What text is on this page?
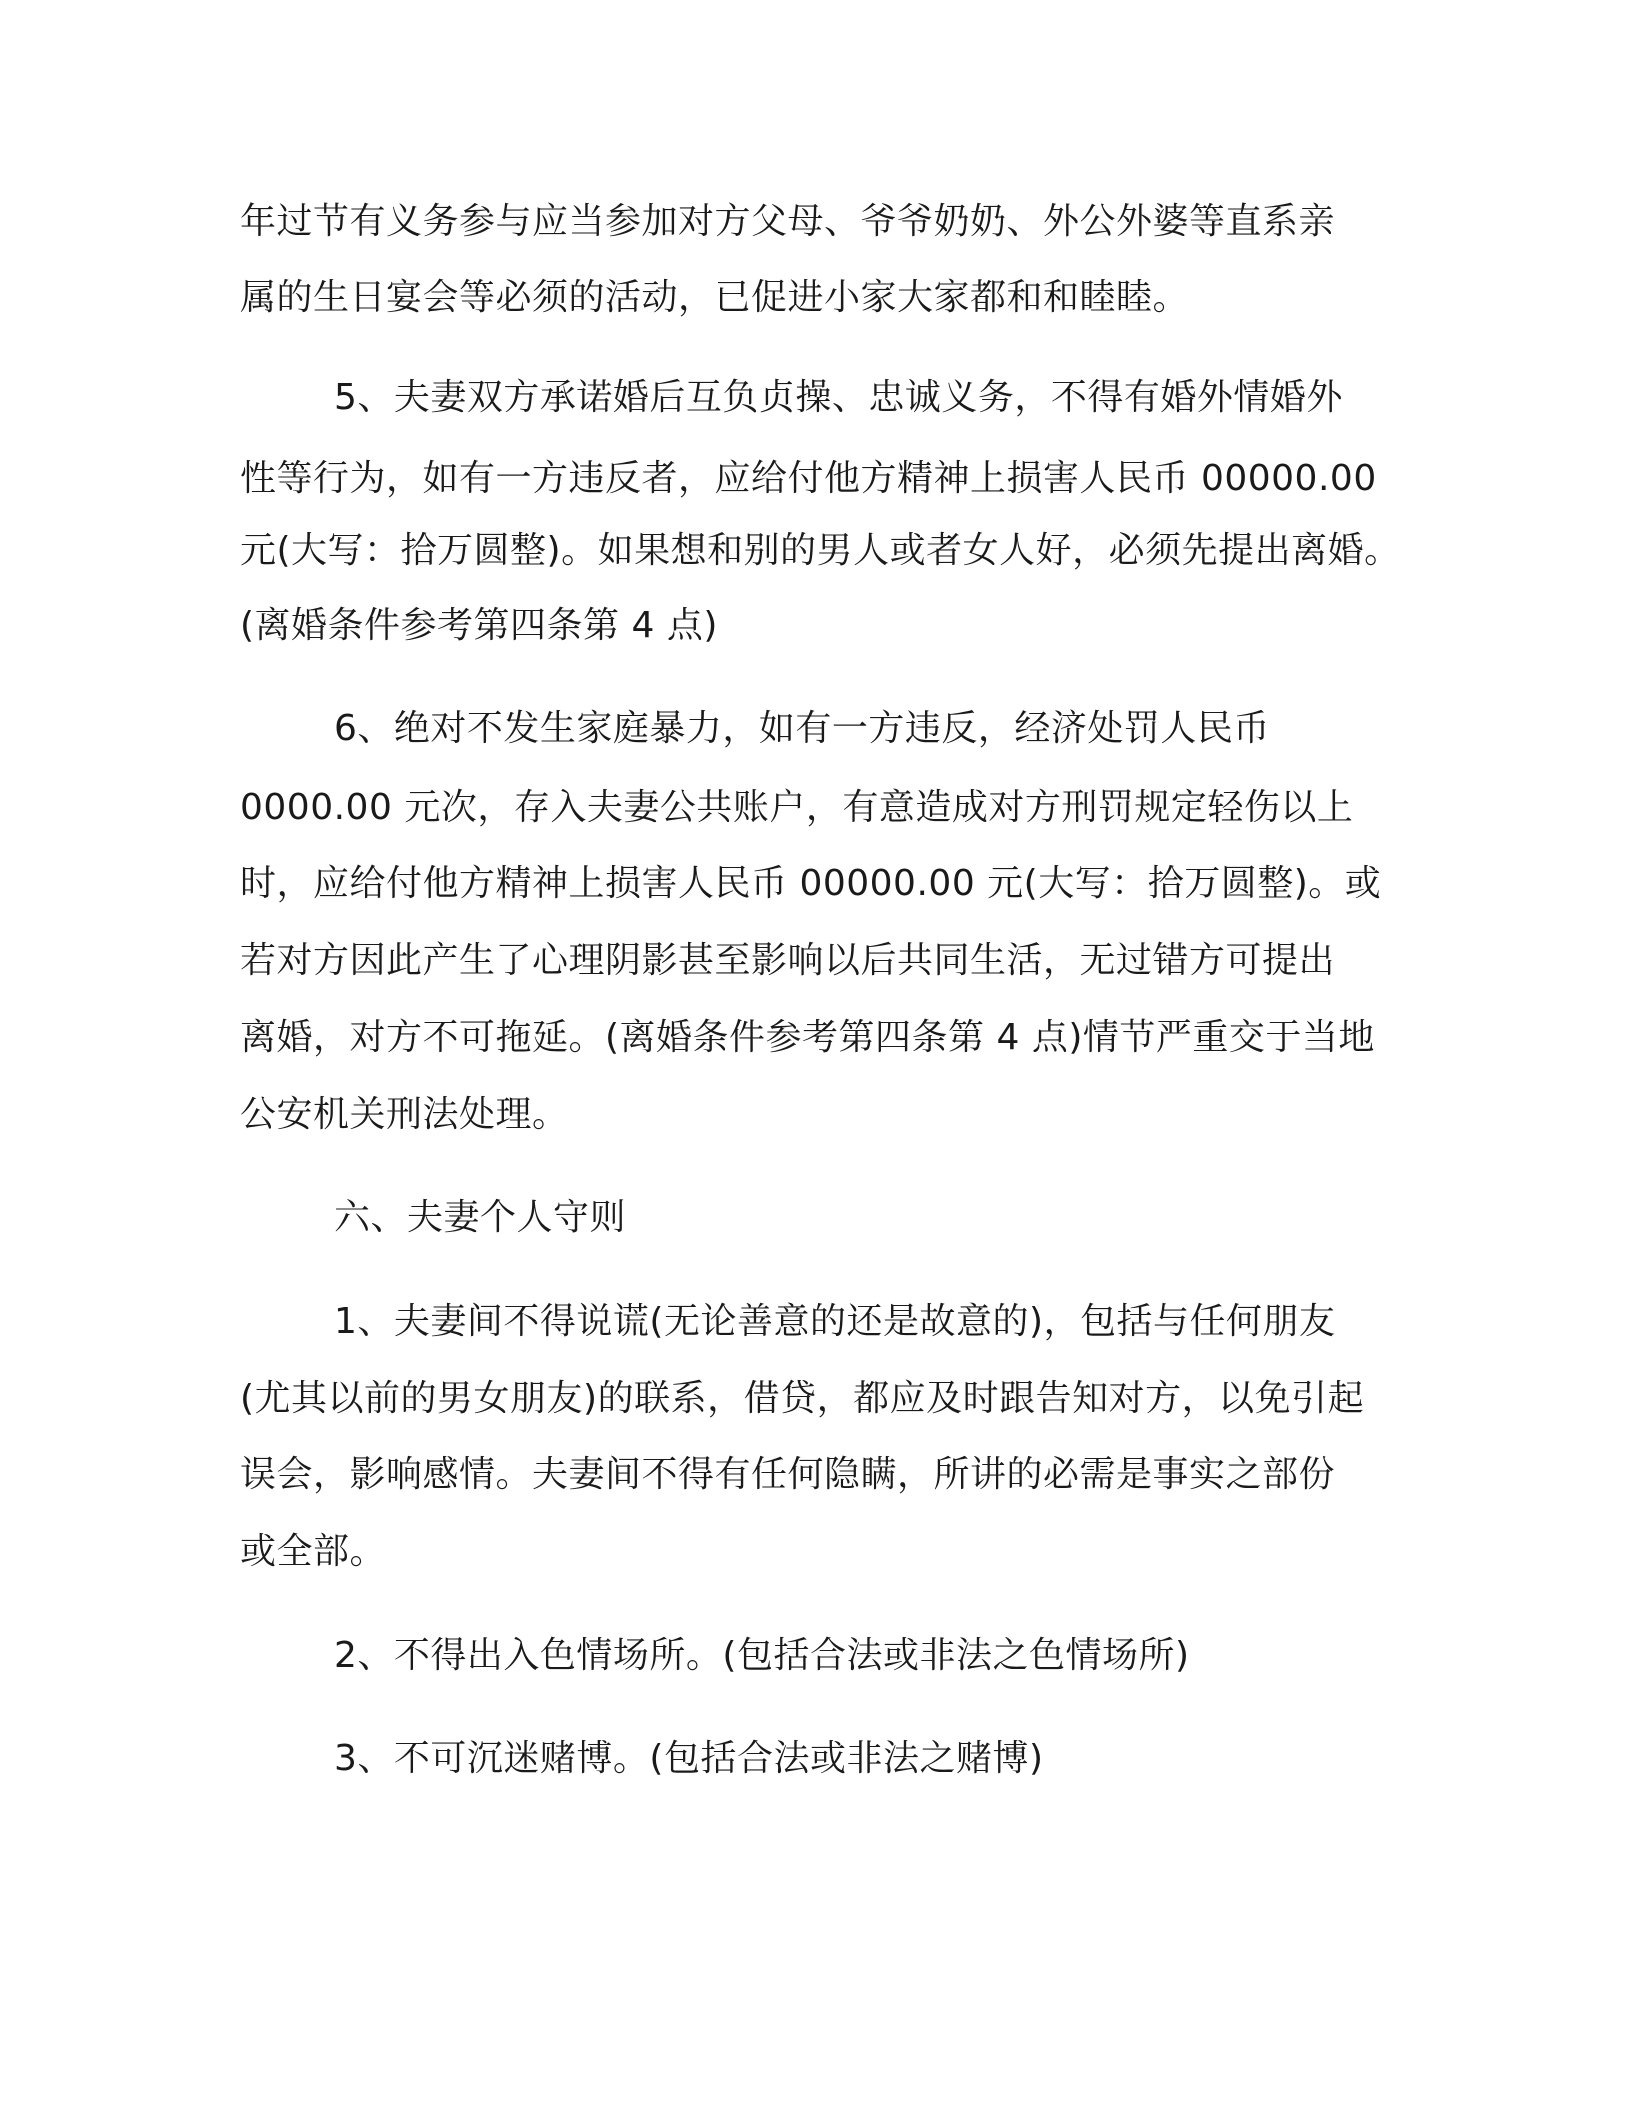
年过节有义务参与应当参加对方父母、爷爷奶奶、外公外婆等直系亲

属的生日宴会等必须的活动，已促进小家大家都和和睦睦。

5、夫妻双方承诺婚后互负贞操、忠诚义务，不得有婚外情婚外

性等行为，如有一方违反者，应给付他方精神上损害人民币 00000.00

元(大写：拾万圆整)。如果想和别的男人或者女人好，必须先提出离婚。

(离婚条件参考第四条第 4 点)

6、绝对不发生家庭暴力，如有一方违反，经济处罚人民币

0000.00 元次，存入夫妻公共账户，有意造成对方刑罚规定轻伤以上

时，应给付他方精神上损害人民币 00000.00 元(大写：拾万圆整)。或

若对方因此产生了心理阴影甚至影响以后共同生活，无过错方可提出

离婚，对方不可拖延。(离婚条件参考第四条第 4 点)情节严重交于当地

公安机关刑法处理。

六、夫妻个人守则

1、夫妻间不得说谎(无论善意的还是故意的)，包括与任何朋友

(尤其以前的男女朋友)的联系，借贷，都应及时跟告知对方，以免引起

误会，影响感情。夫妻间不得有任何隐瞒，所讲的必需是事实之部份

或全部。

2、不得出入色情场所。(包括合法或非法之色情场所)

3、不可沉迷赌博。(包括合法或非法之赌博)
